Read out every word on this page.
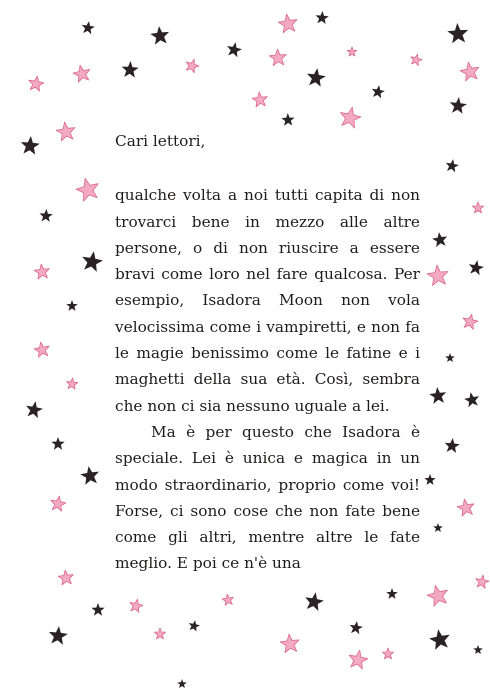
Cari lettori,

qualche volta a noi tutti capita di non trovarci bene in mezzo alle altre persone, o di non riuscire a essere bravi come loro nel fare qualcosa. Per esempio, Isadora Moon non vola velocissima come i vampiretti, e non fa le magie benissimo come le fatine e i maghetti della sua età. Così, sembra che non ci sia nessuno uguale a lei.

Ma è per questo che Isadora è speciale. Lei è unica e magica in un modo straordinario, proprio come voi! Forse, ci sono cose che non fate bene come gli altri, mentre altre le fate meglio. E poi ce n'è una
